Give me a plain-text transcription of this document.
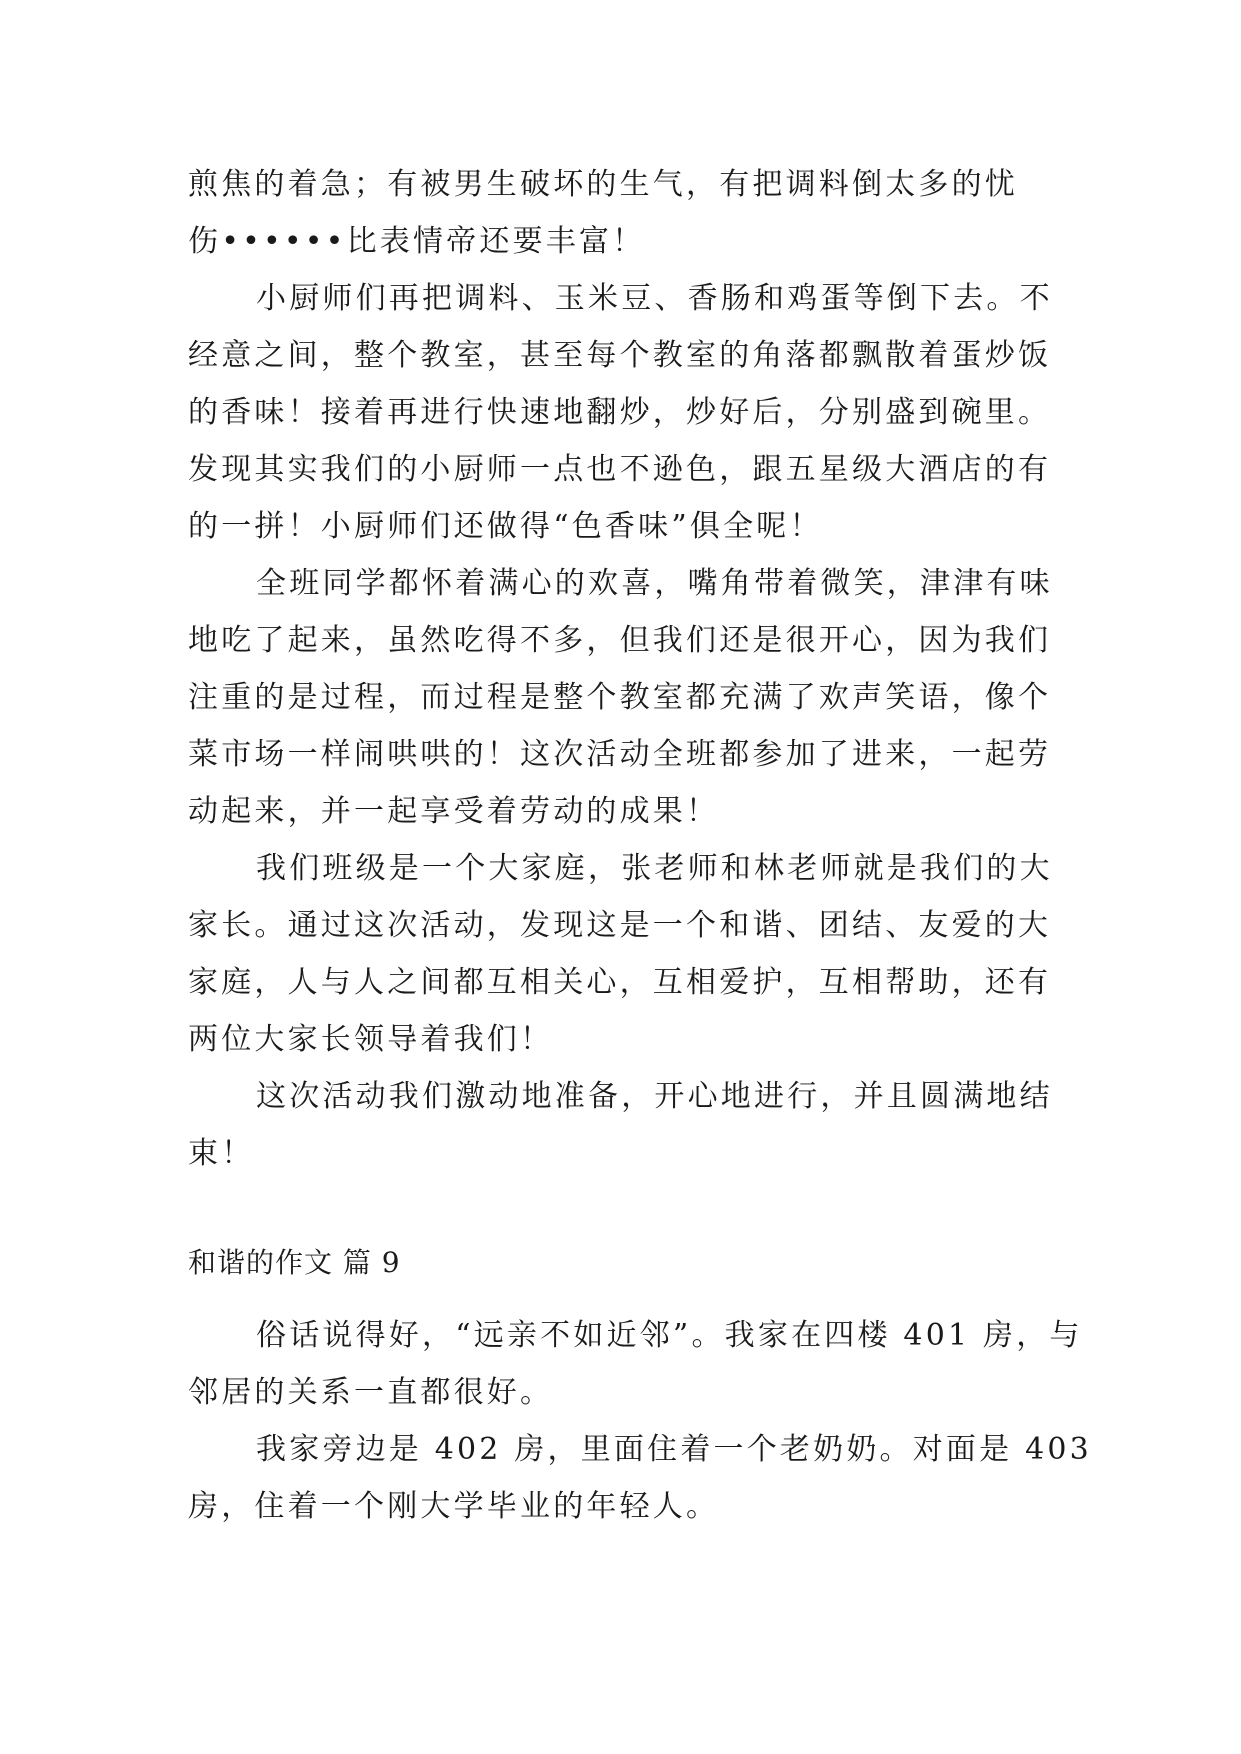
煎焦的着急；有被男生破坏的生气，有把调料倒太多的忧
伤••••••比表情帝还要丰富！
小厨师们再把调料、玉米豆、香肠和鸡蛋等倒下去。不
经意之间，整个教室，甚至每个教室的角落都飘散着蛋炒饭
的香味！接着再进行快速地翻炒，炒好后，分别盛到碗里。
发现其实我们的小厨师一点也不逊色，跟五星级大酒店的有
的一拼！小厨师们还做得“色香味”俱全呢！
全班同学都怀着满心的欢喜，嘴角带着微笑，津津有味
地吃了起来，虽然吃得不多，但我们还是很开心，因为我们
注重的是过程，而过程是整个教室都充满了欢声笑语，像个
菜市场一样闹哄哄的！这次活动全班都参加了进来，一起劳
动起来，并一起享受着劳动的成果！
我们班级是一个大家庭，张老师和林老师就是我们的大
家长。通过这次活动，发现这是一个和谐、团结、友爱的大
家庭，人与人之间都互相关心，互相爱护，互相帮助，还有
两位大家长领导着我们！
这次活动我们激动地准备，开心地进行，并且圆满地结
束！
和谐的作文 篇 9
俗话说得好，“远亲不如近邻”。我家在四楼 401 房，与
邻居的关系一直都很好。
我家旁边是 402 房，里面住着一个老奶奶。对面是 403
房，住着一个刚大学毕业的年轻人。
